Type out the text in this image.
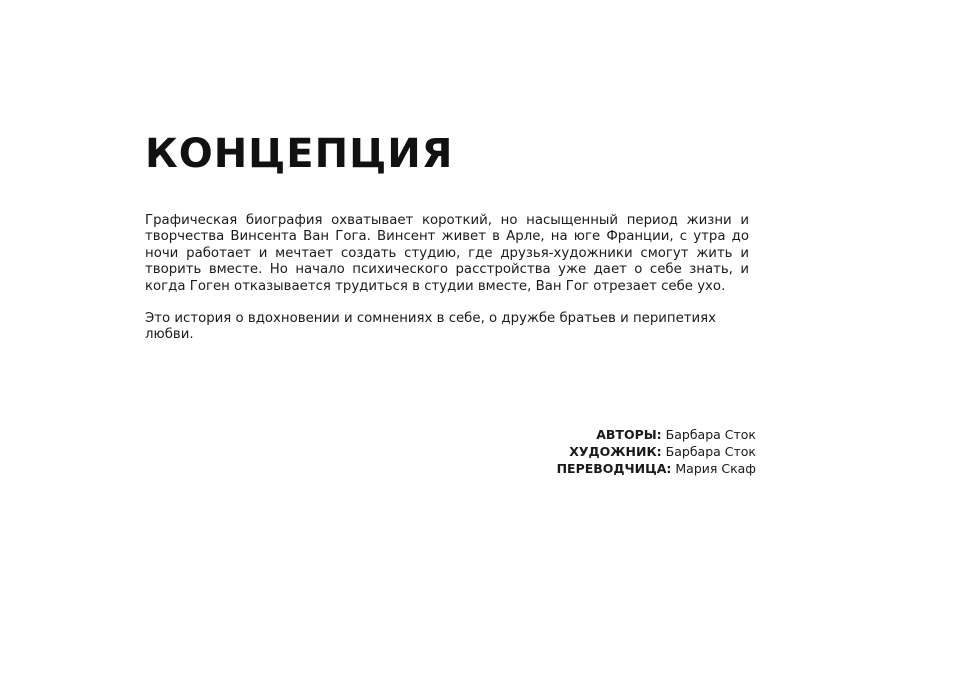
КОНЦЕПЦИЯ

Графическая биография охватывает короткий, но насыщенный период жизни и творчества Винсента Ван Гога. Винсент живет в Арле, на юге Франции, с утра до ночи работает и мечтает создать студию, где друзья-художники смогут жить и творить вместе. Но начало психического расстройства уже дает о себе знать, и когда Гоген отказывается трудиться в студии вместе, Ван Гог отрезает себе ухо.

Это история о вдохновении и сомнениях в себе, о дружбе братьев и перипетиях любви.

АВТОРЫ: Барбара Сток
ХУДОЖНИК: Барбара Сток
ПЕРЕВОДЧИЦА: Мария Скаф
